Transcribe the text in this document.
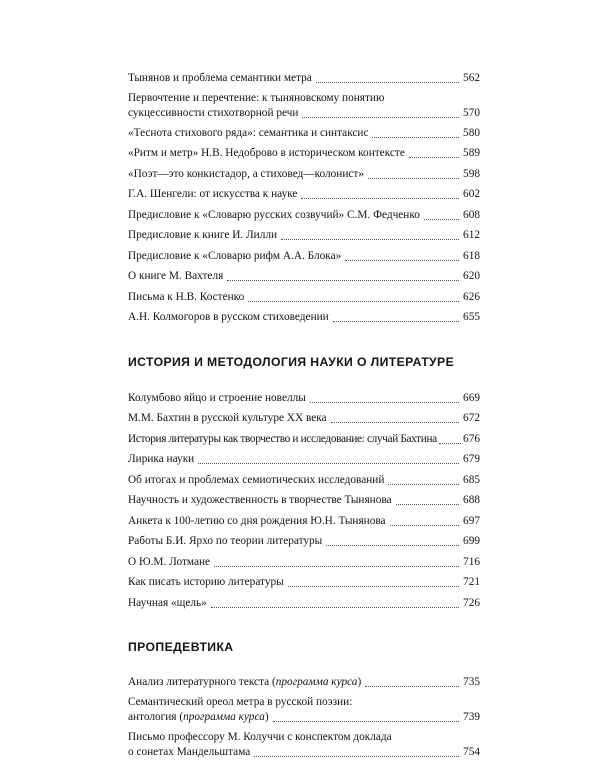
Тынянов и проблема семантики метра	562
Первочтение и перечтение: к тыняновскому понятию
сукцессивности стихотворной речи	570
«Теснота стихового ряда»: семантика и синтаксис	580
«Ритм и метр» Н.В. Недоброво в историческом контексте	589
«Поэт—это конкистадор, а стиховед—колонист»	598
Г.А. Шенгели: от искусства к науке	602
Предисловие к «Словарю русских созвучий» С.М. Федченко	608
Предисловие к книге И. Лилли	612
Предисловие к «Словарю рифм А.А. Блока»	618
О книге М. Вахтеля	620
Письма к Н.В. Костенко	626
А.Н. Колмогоров в русском стиховедении	655
ИСТОРИЯ И МЕТОДОЛОГИЯ НАУКИ О ЛИТЕРАТУРЕ
Колумбово яйцо и строение новеллы	669
М.М. Бахтин в русской культуре XX века	672
История литературы как творчество и исследование: случай Бахтина 676
Лирика науки	679
Об итогах и проблемах семиотических исследований	685
Научность и художественность в творчестве Тынянова	688
Анкета к 100-летию со дня рождения Ю.Н. Тынянова	697
Работы Б.И. Ярхо по теории литературы	699
О Ю.М. Лотмане	716
Как писать историю литературы	721
Научная «щель»	726
ПРОПЕДЕВТИКА
Анализ литературного текста (программа курса)	735
Семантический ореол метра в русской поэзии:
антология (программа курса)	739
Письмо профессору М. Колуччи с конспектом доклада
о сонетах Мандельштама	754
